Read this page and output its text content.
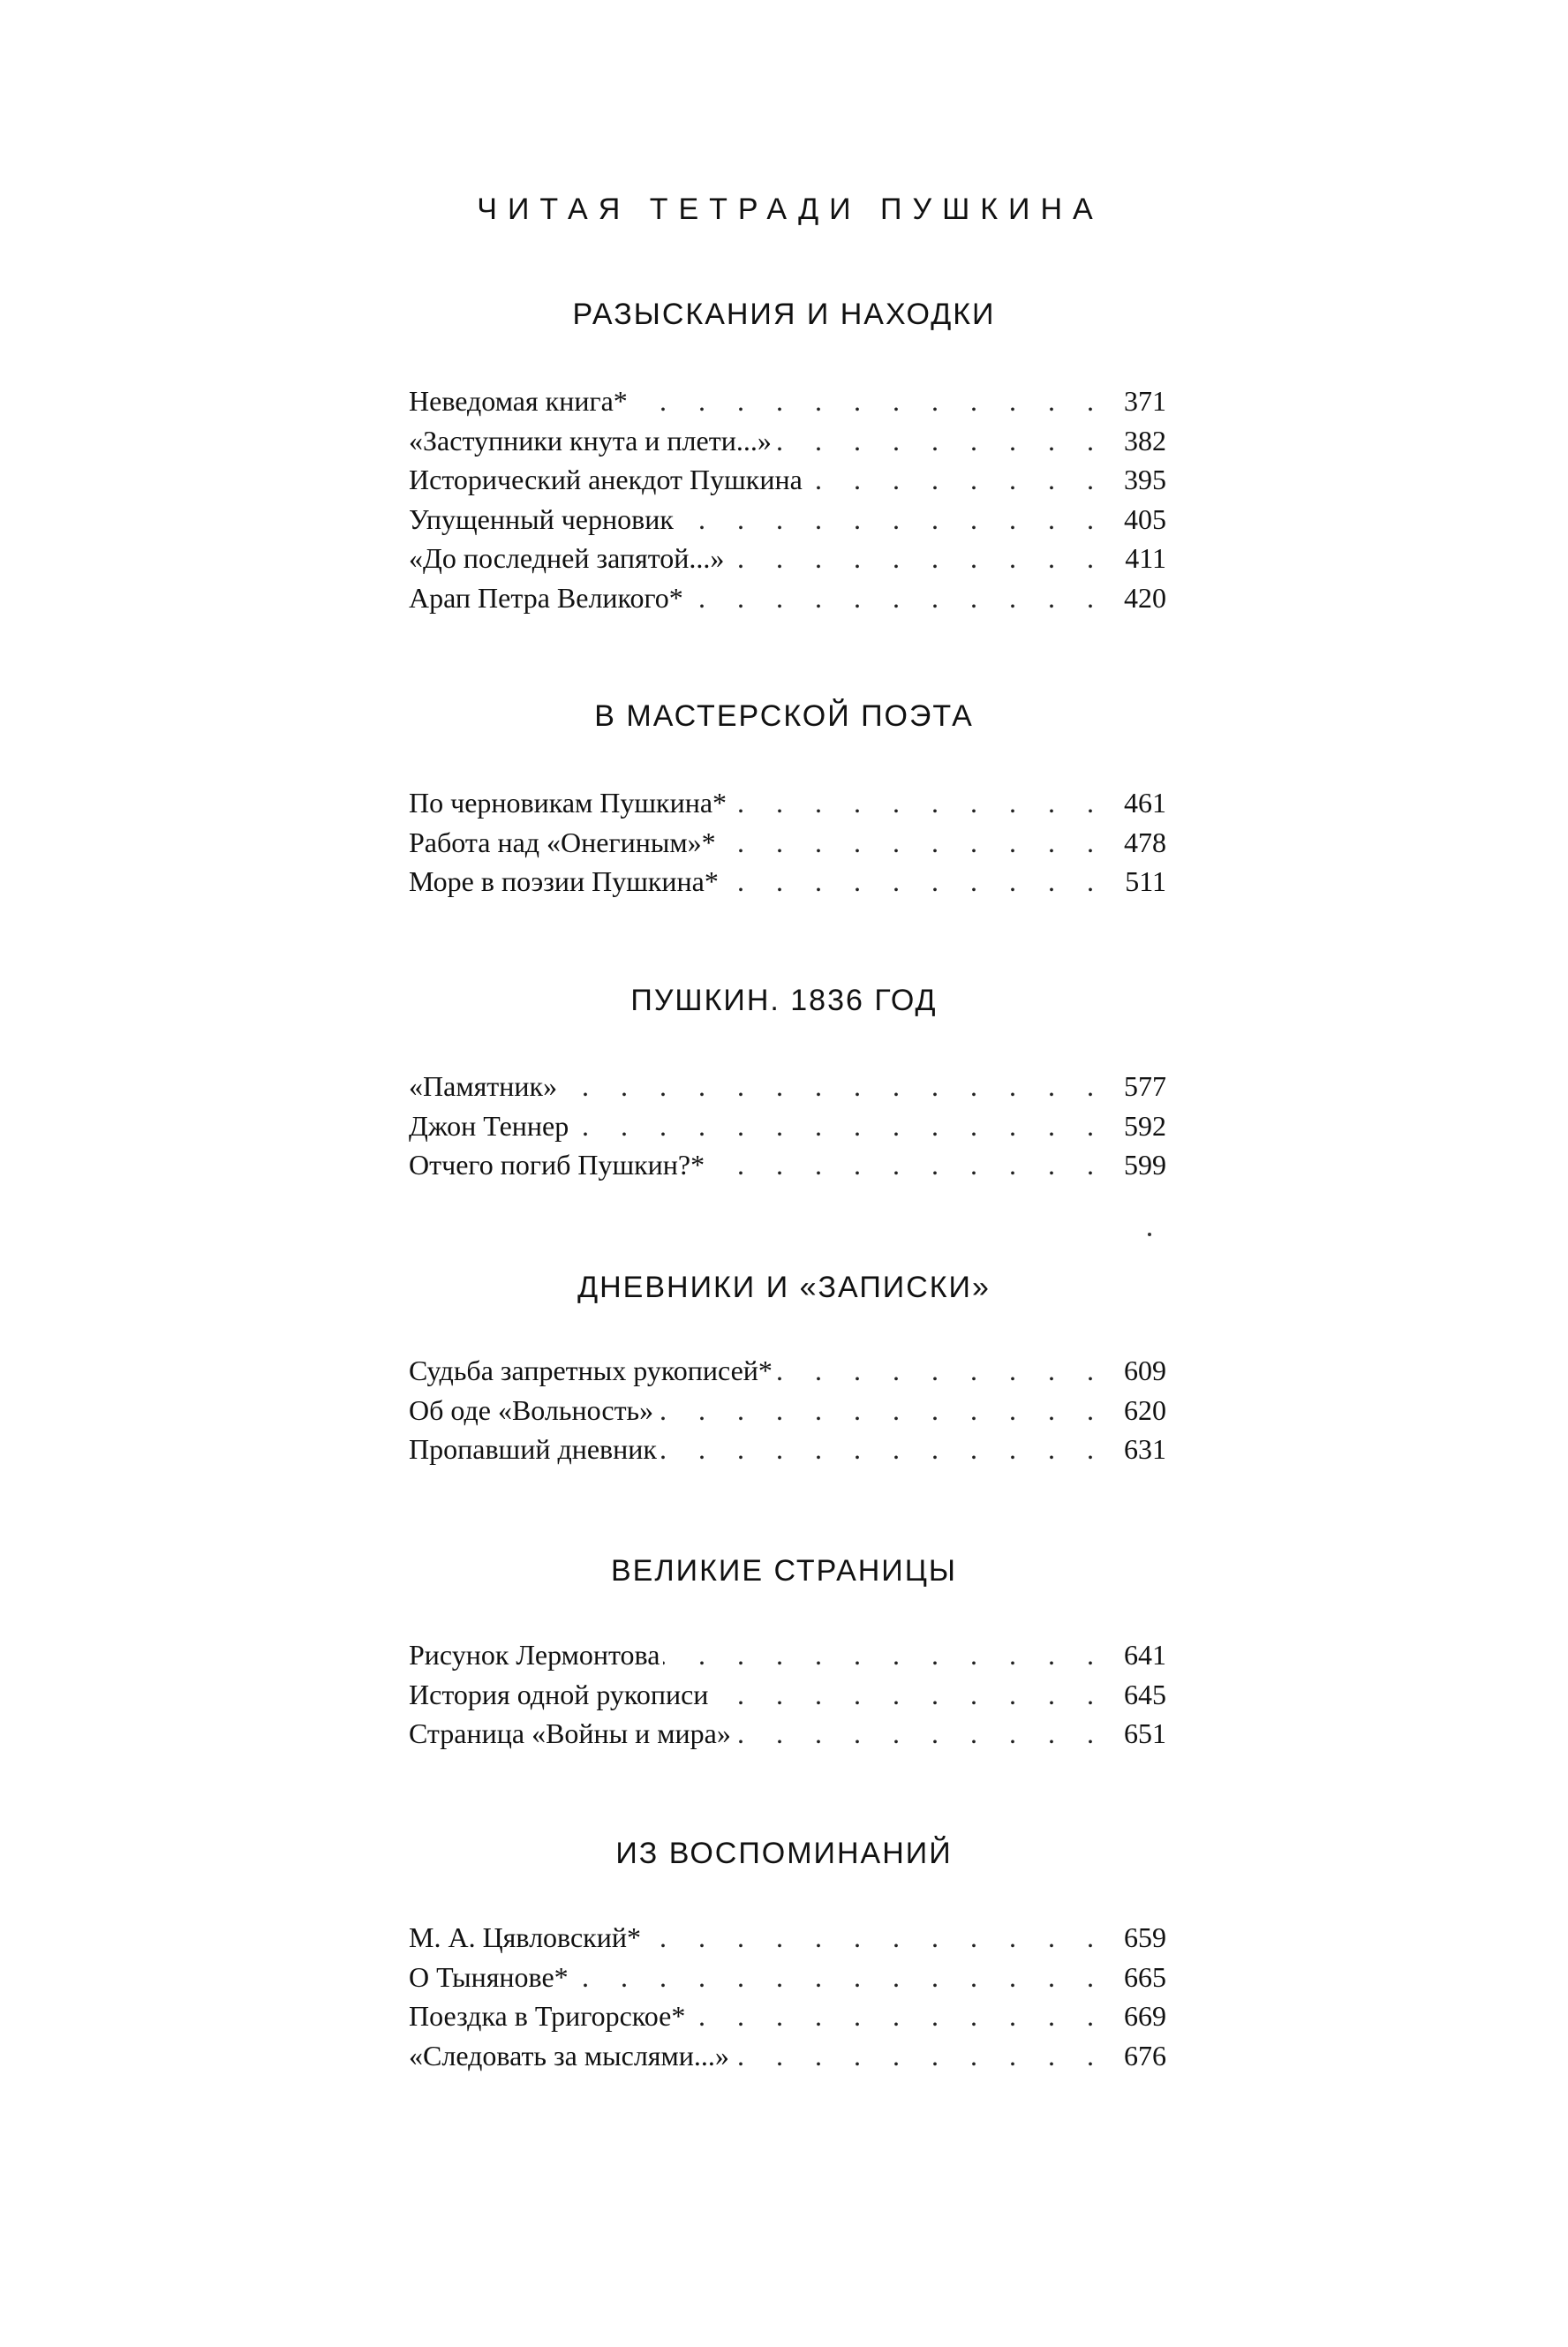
ЧИТАЯ ТЕТРАДИ ПУШКИНА
РАЗЫСКАНИЯ И НАХОДКИ
Неведомая книга* . . .	371
«Заступники кнута и плети...» . . .	382
Исторический анекдот Пушкина . . .	395
Упущенный черновик . . .	405
«До последней запятой...» . . .	411
Арап Петра Великого* . . .	420
В МАСТЕРСКОЙ ПОЭТА
По черновикам Пушкина* . . .	461
Работа над «Онегиным»* . . .	478
Море в поэзии Пушкина* . . .	511
ПУШКИН. 1836 ГОД
«Памятник» . . .	577
Джон Теннер . . .	592
Отчего погиб Пушкин?* . . .	599
ДНЕВНИКИ И «ЗАПИСКИ»
Судьба запретных рукописей* . . .	609
Об оде «Вольность» . . .	620
Пропавший дневник . . .	631
ВЕЛИКИЕ СТРАНИЦЫ
Рисунок Лермонтова . . .	641
История одной рукописи . . .	645
Страница «Войны и мира» . . .	651
ИЗ ВОСПОМИНАНИЙ
М. А. Цявловский* . . .	659
О Тынянове* . . .	665
Поездка в Тригорское* . . .	669
«Следовать за мыслями...» . . .	676
